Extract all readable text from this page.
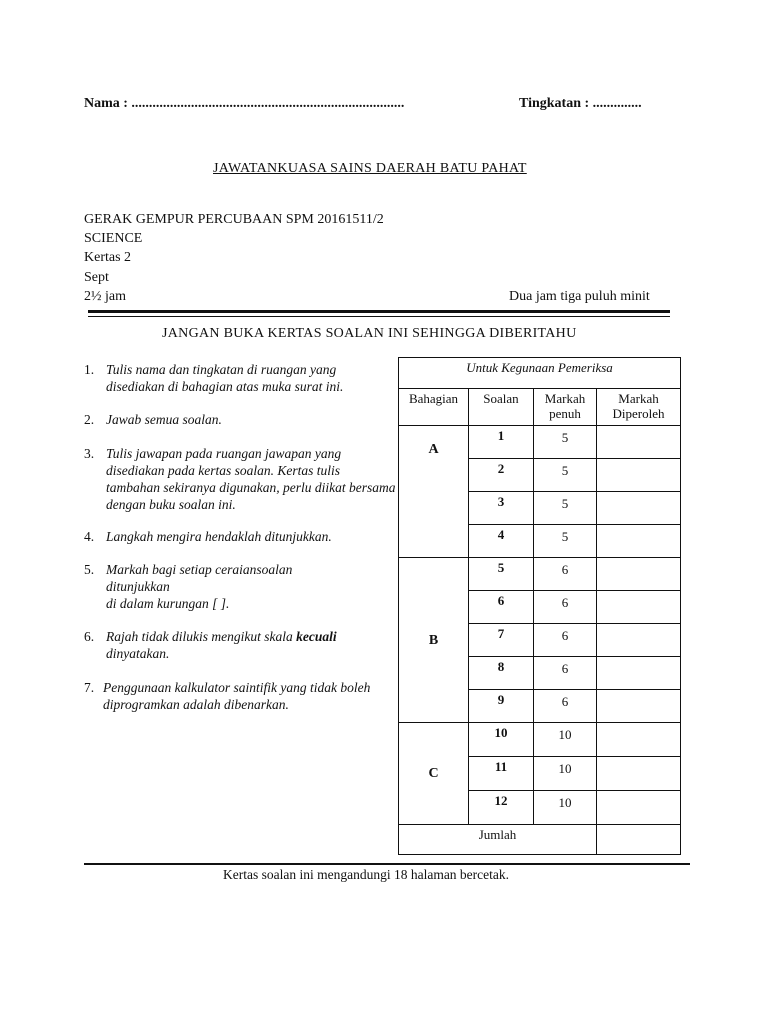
Nama : ..............................................................................	Tingkatan : ..............
JAWATANKUASA SAINS DAERAH BATU PAHAT
GERAK GEMPUR PERCUBAAN SPM 20161511/2
SCIENCE
Kertas 2
Sept
2½ jam	Dua jam tiga puluh minit
JANGAN BUKA KERTAS SOALAN INI SEHINGGA DIBERITAHU
1. Tulis nama dan tingkatan di ruangan yang disediakan di bahagian atas muka surat ini.
2. Jawab semua soalan.
3. Tulis jawapan pada ruangan jawapan yang disediakan pada kertas soalan. Kertas tulis tambahan sekiranya digunakan, perlu diikat bersama dengan buku soalan ini.
4. Langkah mengira hendaklah ditunjukkan.
5. Markah bagi setiap ceraiansoalan ditunjukkan
di dalam kurungan [ ].
6. Rajah tidak dilukis mengikut skala kecuali dinyatakan.
7. Penggunaan kalkulator saintifik yang tidak boleh diprogramkan adalah dibenarkan.
Untuk Kegunaan Pemeriksa			
Bahagian	Soalan	Markah penuh	Markah Diperoleh
A	1	5	
	2	5	
	3	5	
	4	5	
B	5	6	
	6	6	
	7	6	
	8	6	
	9	6	
C	10	10	
	11	10	
	12	10	
Jumlah			
Kertas soalan ini mengandungi 18 halaman bercetak.
